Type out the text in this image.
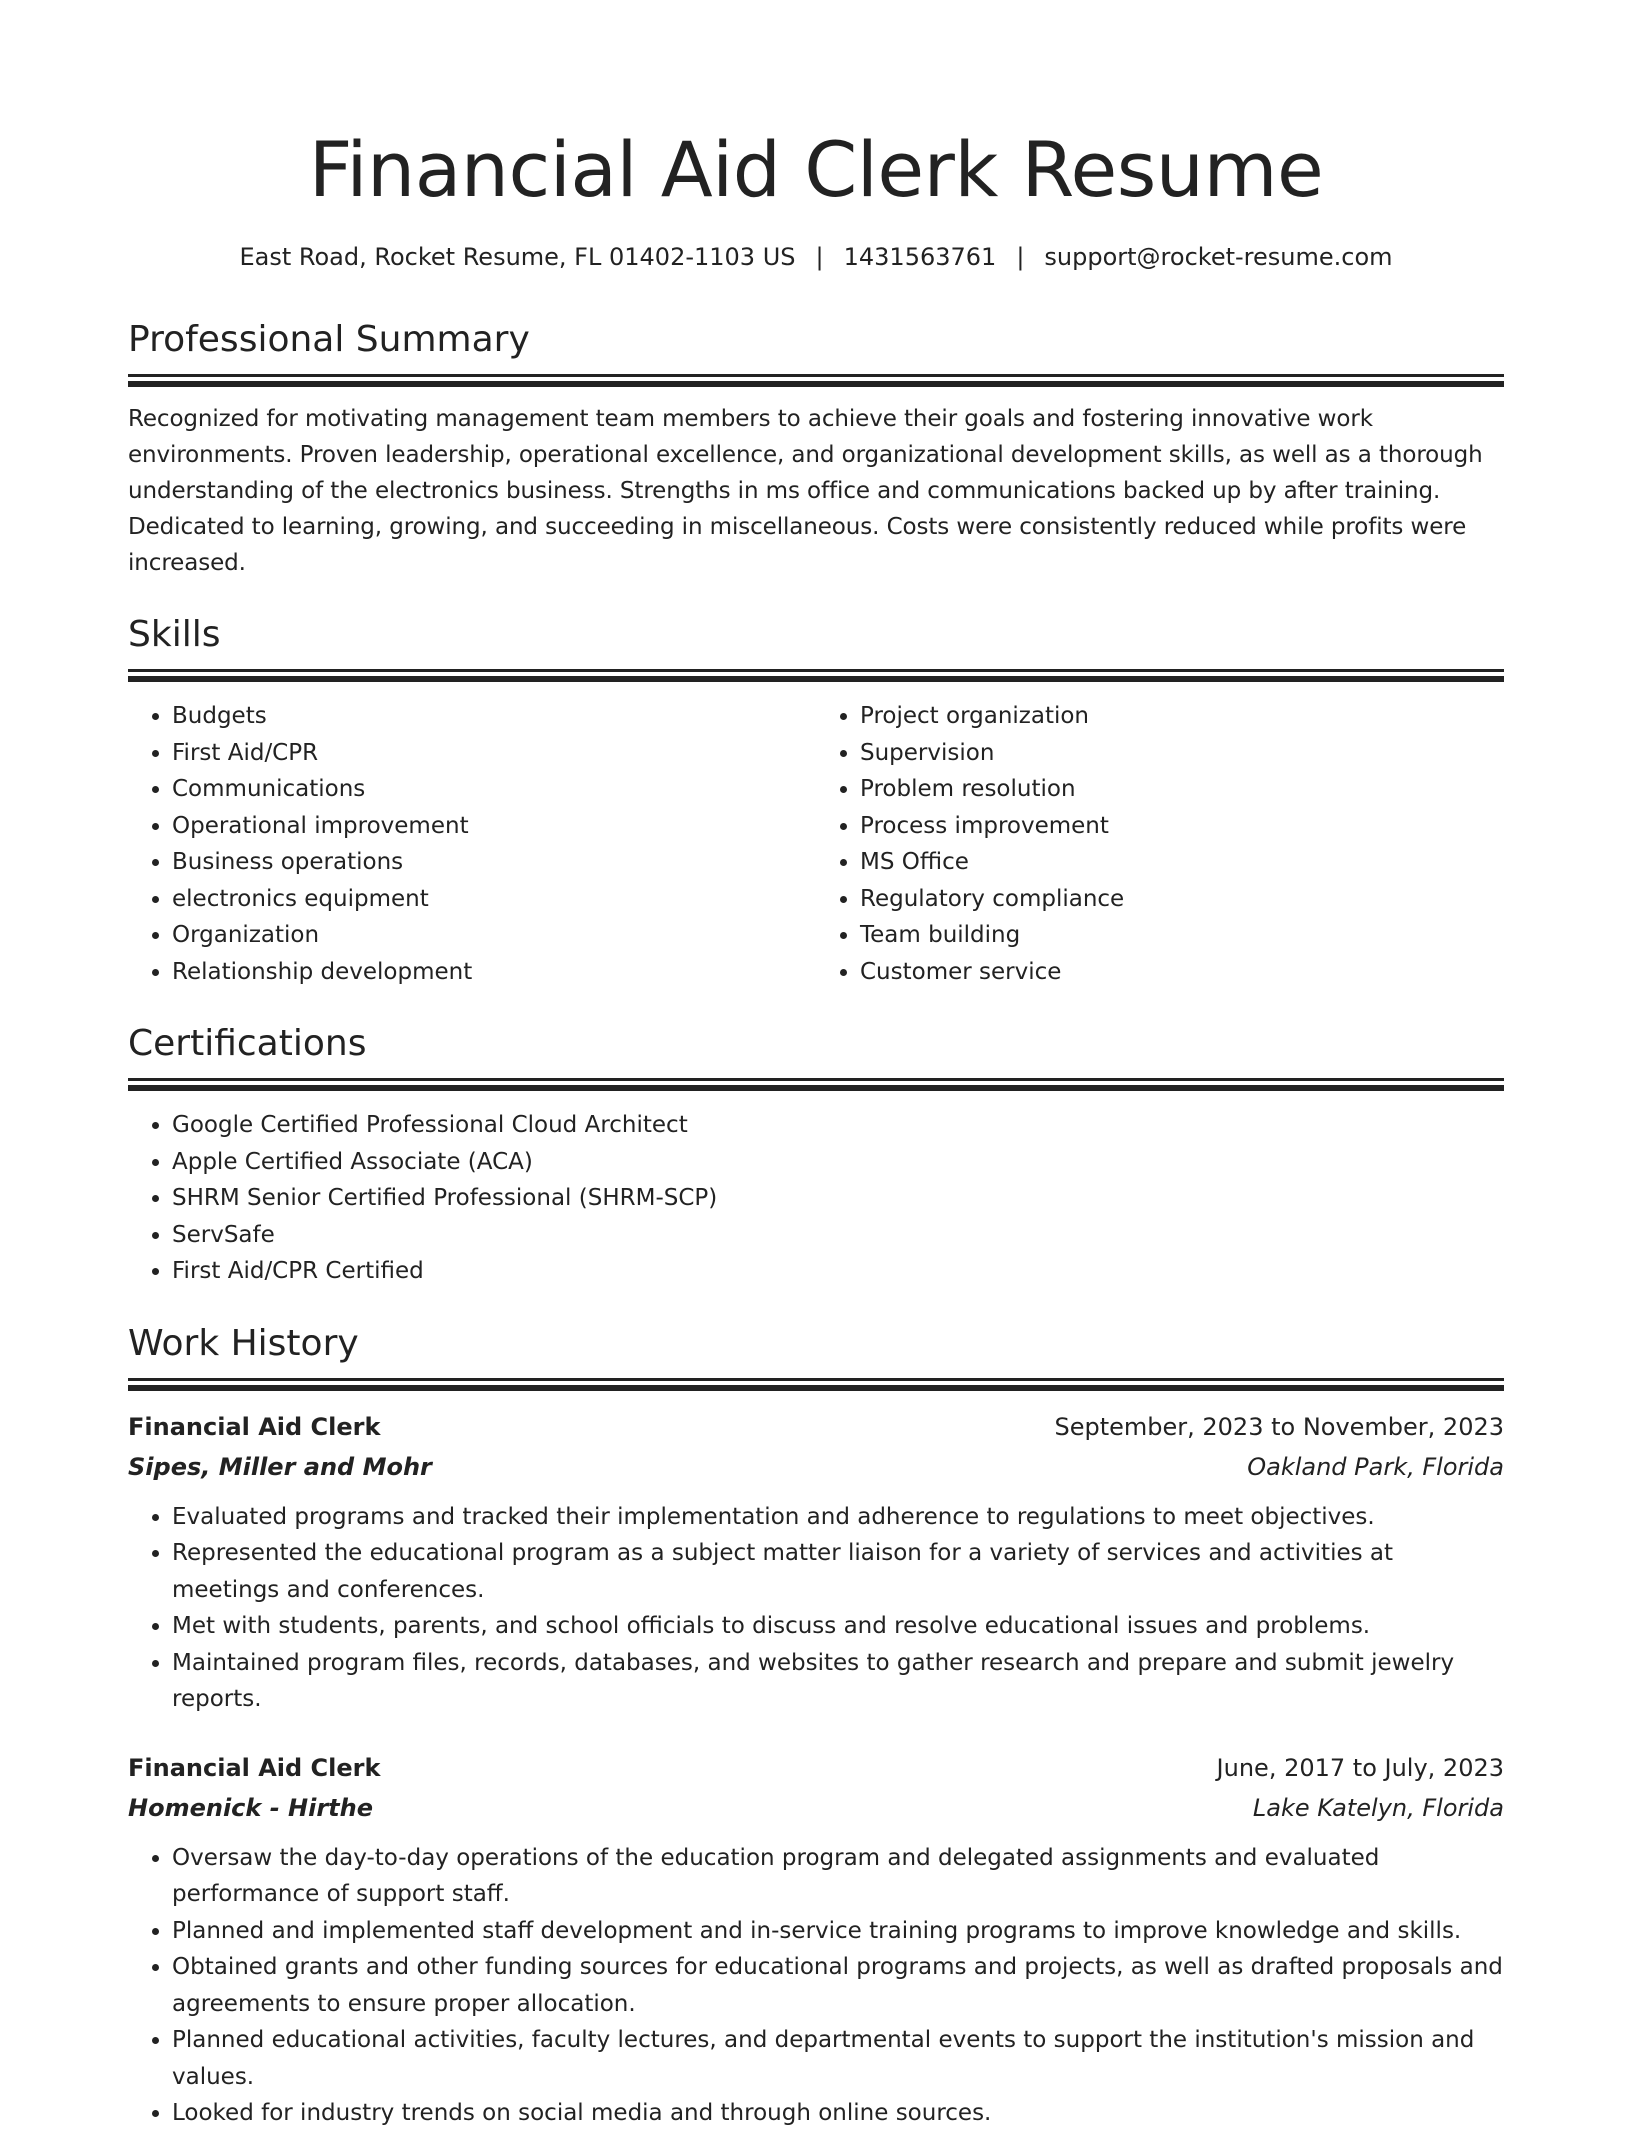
Financial Aid Clerk Resume
East Road, Rocket Resume, FL 01402-1103 US | 1431563761 | support@rocket-resume.com
Professional Summary
Recognized for motivating management team members to achieve their goals and fostering innovative work environments. Proven leadership, operational excellence, and organizational development skills, as well as a thorough understanding of the electronics business. Strengths in ms office and communications backed up by after training. Dedicated to learning, growing, and succeeding in miscellaneous. Costs were consistently reduced while profits were increased.
Skills
• Budgets
• First Aid/CPR
• Communications
• Operational improvement
• Business operations
• electronics equipment
• Organization
• Relationship development
• Project organization
• Supervision
• Problem resolution
• Process improvement
• MS Office
• Regulatory compliance
• Team building
• Customer service
Certifications
• Google Certified Professional Cloud Architect
• Apple Certified Associate (ACA)
• SHRM Senior Certified Professional (SHRM-SCP)
• ServSafe
• First Aid/CPR Certified
Work History
Financial Aid Clerk	September, 2023 to November, 2023
Sipes, Miller and Mohr	Oakland Park, Florida
• Evaluated programs and tracked their implementation and adherence to regulations to meet objectives.
• Represented the educational program as a subject matter liaison for a variety of services and activities at meetings and conferences.
• Met with students, parents, and school officials to discuss and resolve educational issues and problems.
• Maintained program files, records, databases, and websites to gather research and prepare and submit jewelry reports.
Financial Aid Clerk	June, 2017 to July, 2023
Homenick - Hirthe	Lake Katelyn, Florida
• Oversaw the day-to-day operations of the education program and delegated assignments and evaluated performance of support staff.
• Planned and implemented staff development and in-service training programs to improve knowledge and skills.
• Obtained grants and other funding sources for educational programs and projects, as well as drafted proposals and agreements to ensure proper allocation.
• Planned educational activities, faculty lectures, and departmental events to support the institution's mission and values.
• Looked for industry trends on social media and through online sources.
